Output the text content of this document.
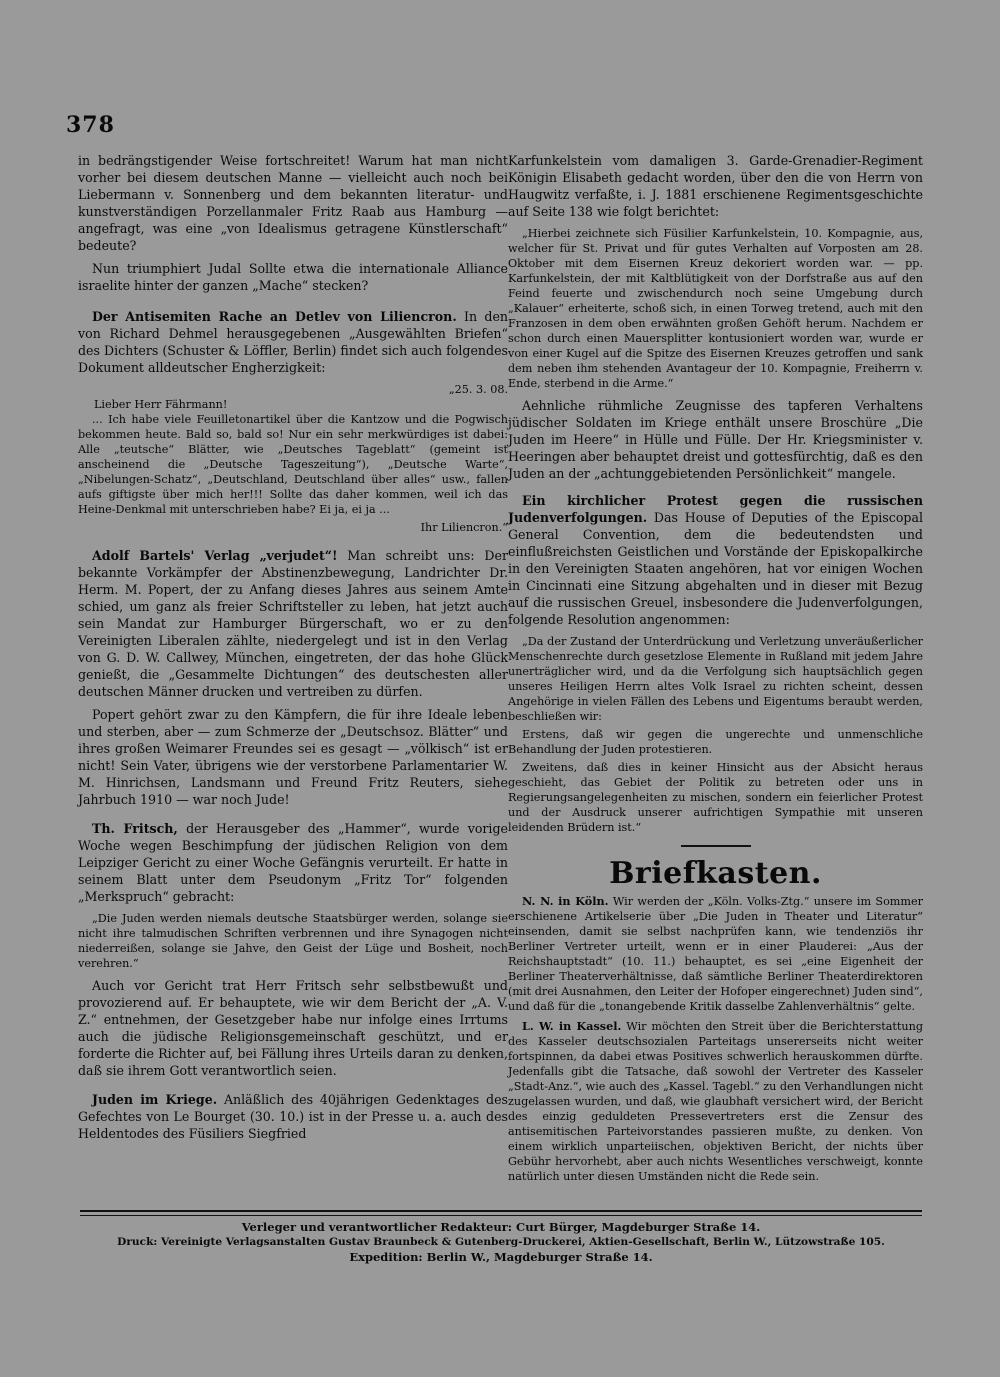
378

in bedrängstigender Weise fortschreitet! Warum hat man nicht vorher bei diesem deutschen Manne — vielleicht auch noch bei Liebermann v. Sonnenberg und dem bekannten literatur- und kunstverständigen Porzellanmaler Fritz Raab aus Hamburg — angefragt, was eine „von Idealismus getragene Künstlerschaft“ bedeute?

Nun triumphiert Judal Sollte etwa die internationale Alliance israelite hinter der ganzen „Mache“ stecken?

Der Antisemiten Rache an Detlev von Liliencron. In den von Richard Dehmel herausgegebenen „Ausgewählten Briefen“ des Dichters (Schuster & Löffler, Berlin) findet sich auch folgendes Dokument alldeutscher Engherzigkeit:

„25. 3. 08.
Lieber Herr Fährmann!

... Ich habe viele Feuilletonartikel über die Kantzow und die Pogwisch bekommen heute. Bald so, bald so! Nur ein sehr merkwürdiges ist dabei: Alle „teutsche“ Blätter, wie „Deutsches Tageblatt“ (gemeint ist anscheinend die „Deutsche Tageszeitung“), „Deutsche Warte“, „Nibelungen-Schatz“, „Deutschland, Deutschland über alles“ usw., fallen aufs giftigste über mich her!!! Sollte das daher kommen, weil ich das Heine-Denkmal mit unterschrieben habe? Ei ja, ei ja ...

Ihr Liliencron.“

Adolf Bartels' Verlag „verjudet“! Man schreibt uns: Der bekannte Vorkämpfer der Abstinenzbewegung, Landrichter Dr. Herm. M. Popert, der zu Anfang dieses Jahres aus seinem Amte schied, um ganz als freier Schriftsteller zu leben, hat jetzt auch sein Mandat zur Hamburger Bürgerschaft, wo er zu den Vereinigten Liberalen zählte, niedergelegt und ist in den Verlag von G. D. W. Callwey, München, eingetreten, der das hohe Glück genießt, die „Gesammelte Dichtungen“ des deutschesten aller deutschen Männer drucken und vertreiben zu dürfen.

Popert gehört zwar zu den Kämpfern, die für ihre Ideale leben und sterben, aber — zum Schmerze der „Deutschsoz. Blätter“ und ihres großen Weimarer Freundes sei es gesagt — „völkisch“ ist er nicht! Sein Vater, übrigens wie der verstorbene Parlamentarier W. M. Hinrichsen, Landsmann und Freund Fritz Reuters, siehe Jahrbuch 1910 — war noch Jude!

Th. Fritsch, der Herausgeber des „Hammer“, wurde vorige Woche wegen Beschimpfung der jüdischen Religion von dem Leipziger Gericht zu einer Woche Gefängnis verurteilt. Er hatte in seinem Blatt unter dem Pseudonym „Fritz Tor“ folgenden „Merkspruch“ gebracht:

„Die Juden werden niemals deutsche Staatsbürger werden, solange sie nicht ihre talmudischen Schriften verbrennen und ihre Synagogen nicht niederreißen, solange sie Jahve, den Geist der Lüge und Bosheit, noch verehren.“

Auch vor Gericht trat Herr Fritsch sehr selbstbewußt und provozierend auf. Er behauptete, wie wir dem Bericht der „A. V. Z.“ entnehmen, der Gesetzgeber habe nur infolge eines Irrtums auch die jüdische Religionsgemeinschaft geschützt, und er forderte die Richter auf, bei Fällung ihres Urteils daran zu denken, daß sie ihrem Gott verantwortlich seien.

Juden im Kriege. Anläßlich des 40jährigen Gedenktages des Gefechtes von Le Bourget (30. 10.) ist in der Presse u. a. auch des Heldentodes des Füsiliers Siegfried

Karfunkelstein vom damaligen 3. Garde-Grenadier-Regiment Königin Elisabeth gedacht worden, über den die von Herrn von Haugwitz verfaßte, i. J. 1881 erschienene Regimentsgeschichte auf Seite 138 wie folgt berichtet:

„Hierbei zeichnete sich Füsilier Karfunkelstein, 10. Kompagnie, aus, welcher für St. Privat und für gutes Verhalten auf Vorposten am 28. Oktober mit dem Eisernen Kreuz dekoriert worden war. — pp. Karfunkelstein, der mit Kaltblütigkeit von der Dorfstraße aus auf den Feind feuerte und zwischendurch noch seine Umgebung durch „Kalauer“ erheiterte, schoß sich, in einen Torweg tretend, auch mit den Franzosen in dem oben erwähnten großen Gehöft herum. Nachdem er schon durch einen Mauersplitter kontusioniert worden war, wurde er von einer Kugel auf die Spitze des Eisernen Kreuzes getroffen und sank dem neben ihm stehenden Avantageur der 10. Kompagnie, Freiherrn v. Ende, sterbend in die Arme.“

Aehnliche rühmliche Zeugnisse des tapferen Verhaltens jüdischer Soldaten im Kriege enthält unsere Broschüre „Die Juden im Heere“ in Hülle und Fülle. Der Hr. Kriegsminister v. Heeringen aber behauptet dreist und gottesfürchtig, daß es den Juden an der „achtunggebietenden Persönlichkeit“ mangele.

Ein kirchlicher Protest gegen die russischen Judenverfolgungen. Das House of Deputies of the Episcopal General Convention, dem die bedeutendsten und einflußreichsten Geistlichen und Vorstände der Episkopalkirche in den Vereinigten Staaten angehören, hat vor einigen Wochen in Cincinnati eine Sitzung abgehalten und in dieser mit Bezug auf die russischen Greuel, insbesondere die Judenverfolgungen, folgende Resolution angenommen:

„Da der Zustand der Unterdrückung und Verletzung unveräußerlicher Menschenrechte durch gesetzlose Elemente in Rußland mit jedem Jahre unerträglicher wird, und da die Verfolgung sich hauptsächlich gegen unseres Heiligen Herrn altes Volk Israel zu richten scheint, dessen Angehörige in vielen Fällen des Lebens und Eigentums beraubt werden, beschließen wir:

Erstens, daß wir gegen die ungerechte und unmenschliche Behandlung der Juden protestieren.

Zweitens, daß dies in keiner Hinsicht aus der Absicht heraus geschieht, das Gebiet der Politik zu betreten oder uns in Regierungsangelegenheiten zu mischen, sondern ein feierlicher Protest und der Ausdruck unserer aufrichtigen Sympathie mit unseren leidenden Brüdern ist.“

Briefkasten.

N. N. in Köln. Wir werden der „Köln. Volks-Ztg.“ unsere im Sommer erschienene Artikelserie über „Die Juden in Theater und Literatur“ einsenden, damit sie selbst nachprüfen kann, wie tendenziös ihr Berliner Vertreter urteilt, wenn er in einer Plauderei: „Aus der Reichshauptstadt“ (10. 11.) behauptet, es sei „eine Eigenheit der Berliner Theaterverhältnisse, daß sämtliche Berliner Theaterdirektoren (mit drei Ausnahmen, den Leiter der Hofoper eingerechnet) Juden sind“, und daß für die „tonangebende Kritik dasselbe Zahlenverhältnis“ gelte.

L. W. in Kassel. Wir möchten den Streit über die Berichterstattung des Kasseler deutschsozialen Parteitags unsererseits nicht weiter fortspinnen, da dabei etwas Positives schwerlich herauskommen dürfte. Jedenfalls gibt die Tatsache, daß sowohl der Vertreter des Kasseler „Stadt-Anz.“, wie auch des „Kassel. Tagebl.“ zu den Verhandlungen nicht zugelassen wurden, und daß, wie glaubhaft versichert wird, der Bericht des einzig geduldeten Pressevertreters erst die Zensur des antisemitischen Parteivorstandes passieren mußte, zu denken. Von einem wirklich unparteiischen, objektiven Bericht, der nichts über Gebühr hervorhebt, aber auch nichts Wesentliches verschweigt, konnte natürlich unter diesen Umständen nicht die Rede sein.

Verleger und verantwortlicher Redakteur: Curt Bürger, Magdeburger Straße 14.
Druck: Vereinigte Verlagsanstalten Gustav Braunbeck & Gutenberg-Druckerei, Aktien-Gesellschaft, Berlin W., Lützowstraße 105.
Expedition: Berlin W., Magdeburger Straße 14.
